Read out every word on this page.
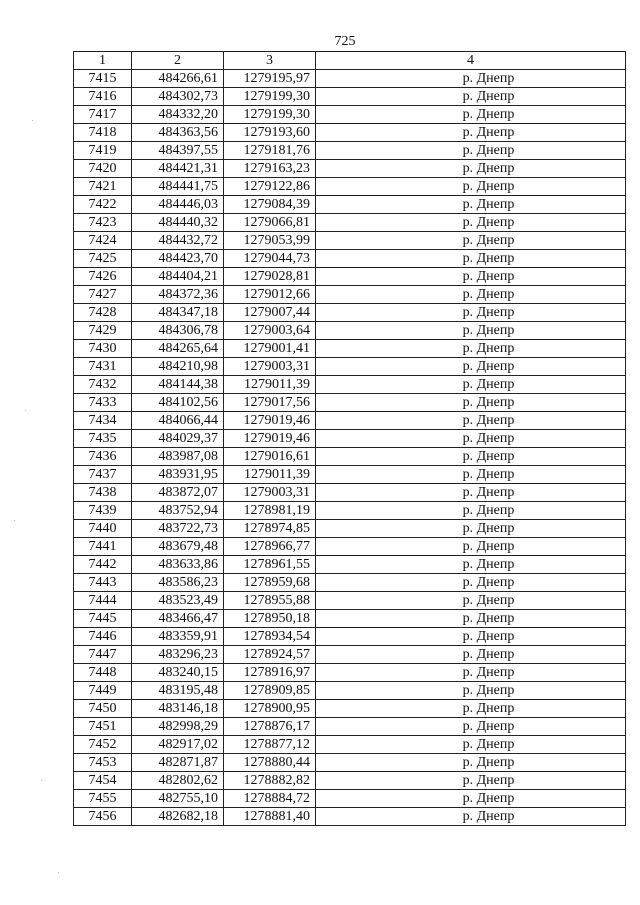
725
1	2	3	4
7415	484266,61	1279195,97	р. Днепр
7416	484302,73	1279199,30	р. Днепр
7417	484332,20	1279199,30	р. Днепр
7418	484363,56	1279193,60	р. Днепр
7419	484397,55	1279181,76	р. Днепр
7420	484421,31	1279163,23	р. Днепр
7421	484441,75	1279122,86	р. Днепр
7422	484446,03	1279084,39	р. Днепр
7423	484440,32	1279066,81	р. Днепр
7424	484432,72	1279053,99	р. Днепр
7425	484423,70	1279044,73	р. Днепр
7426	484404,21	1279028,81	р. Днепр
7427	484372,36	1279012,66	р. Днепр
7428	484347,18	1279007,44	р. Днепр
7429	484306,78	1279003,64	р. Днепр
7430	484265,64	1279001,41	р. Днепр
7431	484210,98	1279003,31	р. Днепр
7432	484144,38	1279011,39	р. Днепр
7433	484102,56	1279017,56	р. Днепр
7434	484066,44	1279019,46	р. Днепр
7435	484029,37	1279019,46	р. Днепр
7436	483987,08	1279016,61	р. Днепр
7437	483931,95	1279011,39	р. Днепр
7438	483872,07	1279003,31	р. Днепр
7439	483752,94	1278981,19	р. Днепр
7440	483722,73	1278974,85	р. Днепр
7441	483679,48	1278966,77	р. Днепр
7442	483633,86	1278961,55	р. Днепр
7443	483586,23	1278959,68	р. Днепр
7444	483523,49	1278955,88	р. Днепр
7445	483466,47	1278950,18	р. Днепр
7446	483359,91	1278934,54	р. Днепр
7447	483296,23	1278924,57	р. Днепр
7448	483240,15	1278916,97	р. Днепр
7449	483195,48	1278909,85	р. Днепр
7450	483146,18	1278900,95	р. Днепр
7451	482998,29	1278876,17	р. Днепр
7452	482917,02	1278877,12	р. Днепр
7453	482871,87	1278880,44	р. Днепр
7454	482802,62	1278882,82	р. Днепр
7455	482755,10	1278884,72	р. Днепр
7456	482682,18	1278881,40	р. Днепр
